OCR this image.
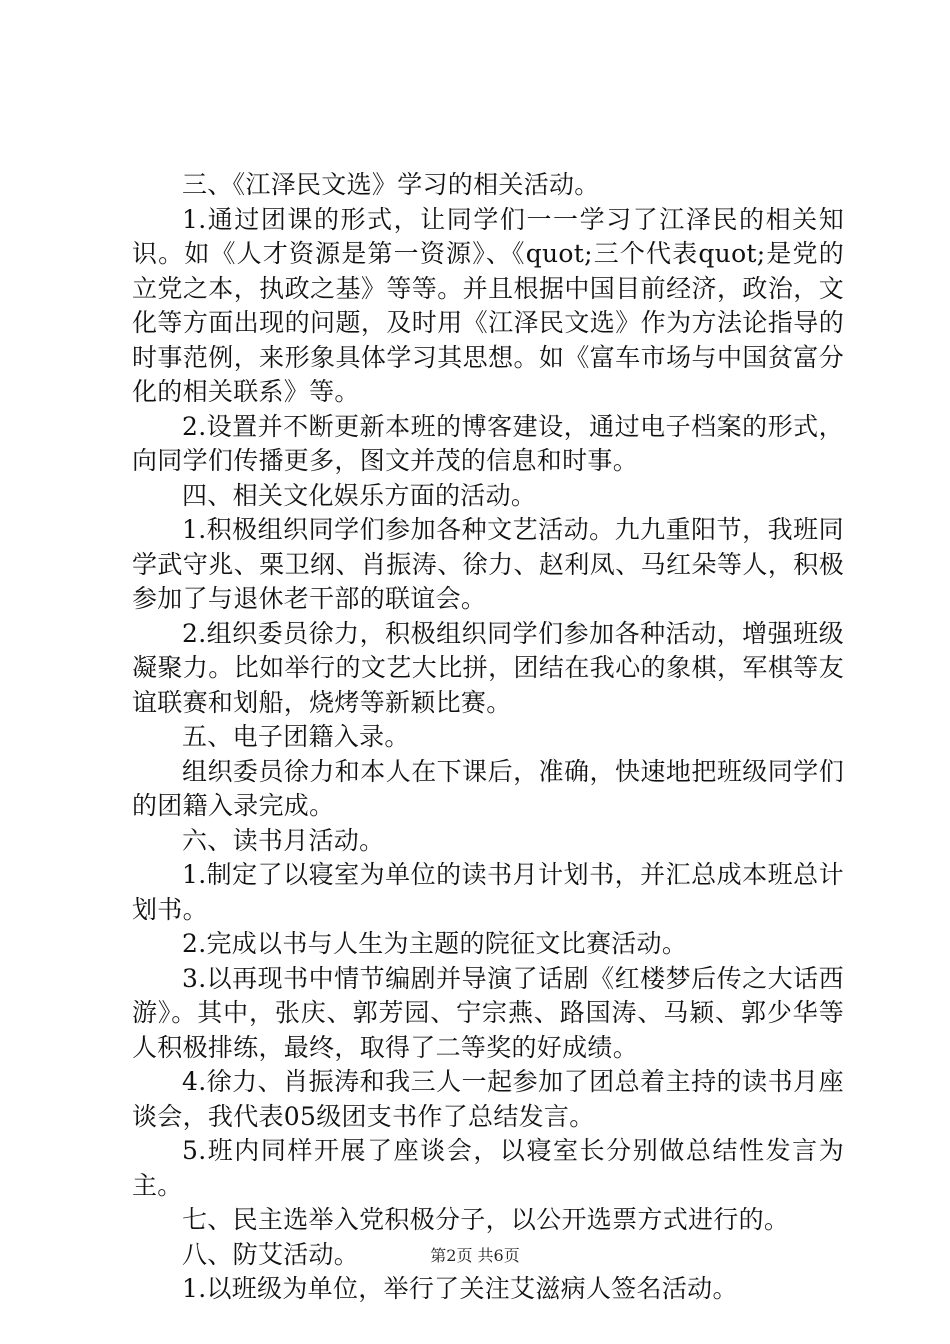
三、《江泽民文选》学习的相关活动。

1.通过团课的形式，让同学们一一学习了江泽民的相关知识。如《人才资源是第一资源》、《quot;三个代表quot;是党的立党之本，执政之基》等等。并且根据中国目前经济，政治，文化等方面出现的问题，及时用《江泽民文选》作为方法论指导的时事范例，来形象具体学习其思想。如《富车市场与中国贫富分化的相关联系》等。

2.设置并不断更新本班的博客建设，通过电子档案的形式，向同学们传播更多，图文并茂的信息和时事。

四、相关文化娱乐方面的活动。

1.积极组织同学们参加各种文艺活动。九九重阳节，我班同学武守兆、栗卫纲、肖振涛、徐力、赵利凤、马红朵等人，积极参加了与退休老干部的联谊会。

2.组织委员徐力，积极组织同学们参加各种活动，增强班级凝聚力。比如举行的文艺大比拼，团结在我心的象棋，军棋等友谊联赛和划船，烧烤等新颖比赛。

五、电子团籍入录。

组织委员徐力和本人在下课后，准确，快速地把班级同学们的团籍入录完成。

六、读书月活动。

1.制定了以寝室为单位的读书月计划书，并汇总成本班总计划书。

2.完成以书与人生为主题的院征文比赛活动。

3.以再现书中情节编剧并导演了话剧《红楼梦后传之大话西游》。其中，张庆、郭芳园、宁宗燕、路国涛、马颖、郭少华等人积极排练，最终，取得了二等奖的好成绩。

4.徐力、肖振涛和我三人一起参加了团总着主持的读书月座谈会，我代表05级团支书作了总结发言。

5.班内同样开展了座谈会，以寝室长分别做总结性发言为主。

七、民主选举入党积极分子，以公开选票方式进行的。

八、防艾活动。

1.以班级为单位，举行了关注艾滋病人签名活动。

第2页 共6页
